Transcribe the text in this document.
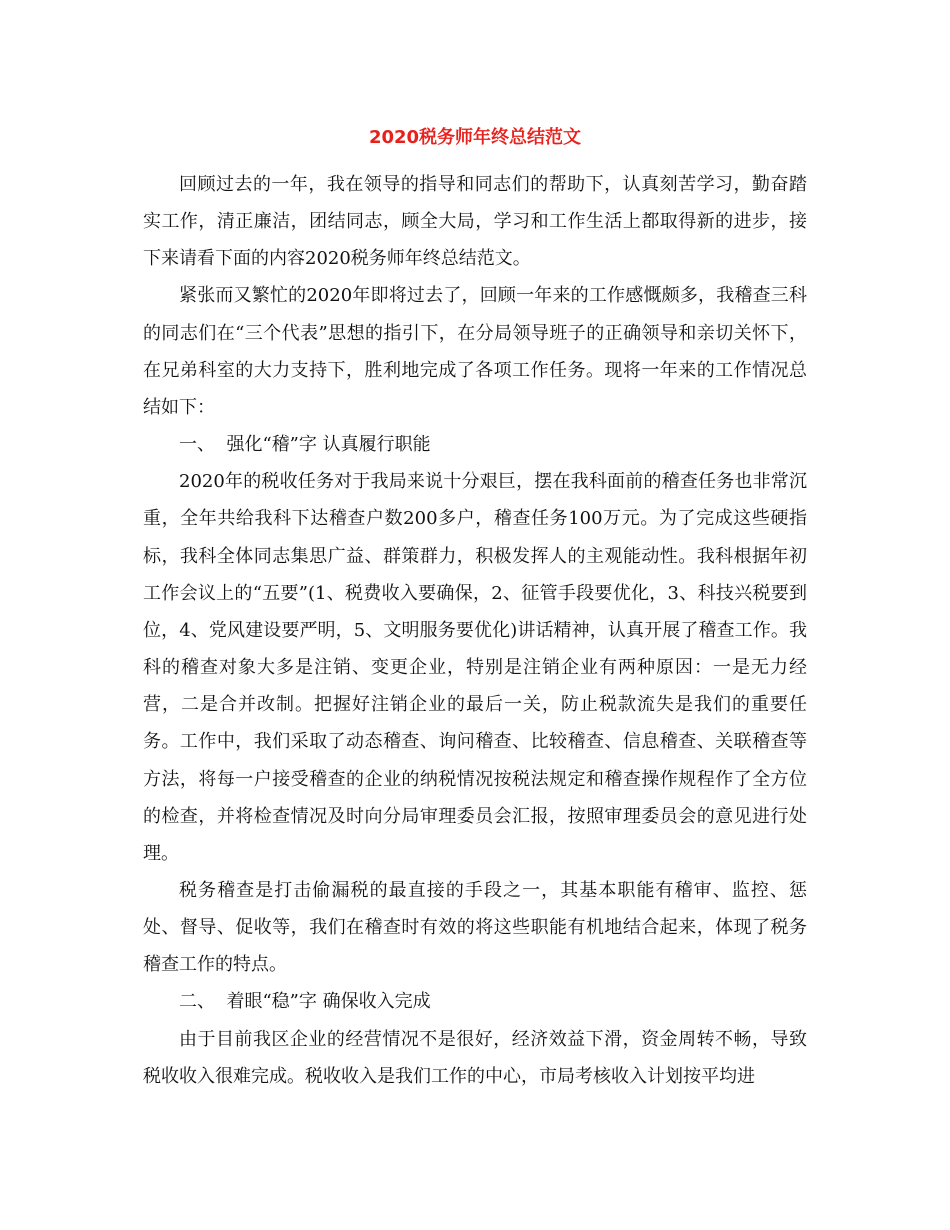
2020税务师年终总结范文

回顾过去的一年，我在领导的指导和同志们的帮助下，认真刻苦学习，勤奋踏实工作，清正廉洁，团结同志，顾全大局，学习和工作生活上都取得新的进步，接下来请看下面的内容2020税务师年终总结范文。

紧张而又繁忙的2020年即将过去了，回顾一年来的工作感慨颇多，我稽查三科的同志们在“三个代表”思想的指引下，在分局领导班子的正确领导和亲切关怀下，在兄弟科室的大力支持下，胜利地完成了各项工作任务。现将一年来的工作情况总结如下：

一、  强化“稽”字 认真履行职能

2020年的税收任务对于我局来说十分艰巨，摆在我科面前的稽查任务也非常沉重，全年共给我科下达稽查户数200多户，稽查任务100万元。为了完成这些硬指标，我科全体同志集思广益、群策群力，积极发挥人的主观能动性。我科根据年初工作会议上的“五要”(1、税费收入要确保，2、征管手段要优化，3、科技兴税要到位，4、党风建设要严明，5、文明服务要优化)讲话精神，认真开展了稽查工作。我科的稽查对象大多是注销、变更企业，特别是注销企业有两种原因：一是无力经营，二是合并改制。把握好注销企业的最后一关，防止税款流失是我们的重要任务。工作中，我们采取了动态稽查、询问稽查、比较稽查、信息稽查、关联稽查等方法，将每一户接受稽查的企业的纳税情况按税法规定和稽查操作规程作了全方位的检查，并将检查情况及时向分局审理委员会汇报，按照审理委员会的意见进行处理。

税务稽查是打击偷漏税的最直接的手段之一，其基本职能有稽审、监控、惩处、督导、促收等，我们在稽查时有效的将这些职能有机地结合起来，体现了税务稽查工作的特点。

二、  着眼“稳”字 确保收入完成

由于目前我区企业的经营情况不是很好，经济效益下滑，资金周转不畅，导致税收收入很难完成。税收收入是我们工作的中心，市局考核收入计划按平均进
